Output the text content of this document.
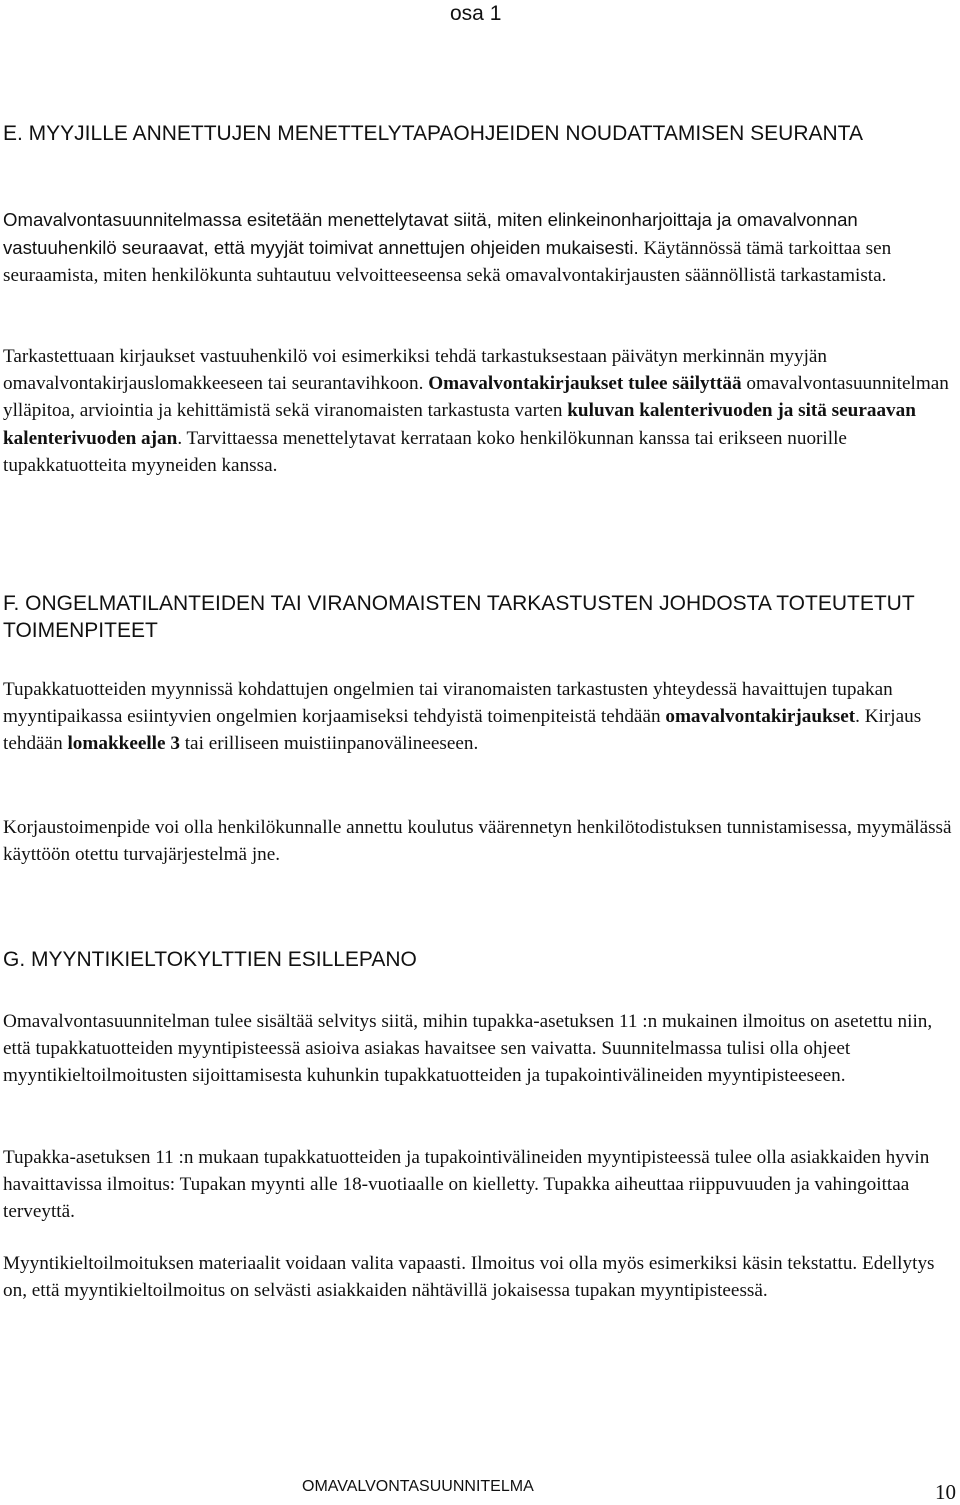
osa 1
E. MYYJILLE ANNETTUJEN MENETTELYTAPAOHJEIDEN NOUDATTAMISEN SEURANTA

Omavalvontasuunnitelmassa esitetään menettelytavat siitä, miten elinkeinonharjoittaja ja omavalvonnan vastuuhenkilö seuraavat, että myyjät toimivat annettujen ohjeiden mukaisesti. Käytännössä tämä tarkoittaa sen seuraamista, miten henkilökunta suhtautuu velvoitteeseensa sekä omavalvontakirjausten säännöllistä tarkastamista.

Tarkastettuaan kirjaukset vastuuhenkilö voi esimerkiksi tehdä tarkastuksestaan päivätyn merkinnän myyjän omavalvontakirjauslomakkeeseen tai seurantavihkoon. Omavalvontakirjaukset tulee säilyttää omavalvontasuunnitelman ylläpitoa, arviointia ja kehittämistä sekä viranomaisten tarkastusta varten kuluvan kalenterivuoden ja sitä seuraavan kalenterivuoden ajan. Tarvittaessa menettelytavat kerrataan koko henkilökunnan kanssa tai erikseen nuorille tupakkatuotteita myyneiden kanssa.

F. ONGELMATILANTEIDEN TAI VIRANOMAISTEN TARKASTUSTEN JOHDOSTA TOTEUTETUT TOIMENPITEET

Tupakkatuotteiden myynnissä kohdattujen ongelmien tai viranomaisten tarkastusten yhteydessä havaittujen tupakan myyntipaikassa esiintyvien ongelmien korjaamiseksi tehdyistä toimenpiteistä tehdään omavalvontakirjaukset. Kirjaus tehdään lomakkeelle 3 tai erilliseen muistiinpanovälineeseen.

Korjaustoimenpide voi olla henkilökunnalle annettu koulutus väärennetyn henkilötodistuksen tunnistamisessa, myymälässä käyttöön otettu turvajärjestelmä jne.

G. MYYNTIKIELTOKYLTTIEN ESILLEPANO

Omavalvontasuunnitelman tulee sisältää selvitys siitä, mihin tupakka-asetuksen 11 :n mukainen ilmoitus on asetettu niin, että tupakkatuotteiden myyntipisteessä asioiva asiakas havaitsee sen vaivatta. Suunnitelmassa tulisi olla ohjeet myyntikieltoilmoitusten sijoittamisesta kuhunkin tupakkatuotteiden ja tupakointivälineiden myyntipisteeseen.

Tupakka-asetuksen 11 :n mukaan tupakkatuotteiden ja tupakointivälineiden myyntipisteessä tulee olla asiakkaiden hyvin havaittavissa ilmoitus: Tupakan myynti alle 18-vuotiaalle on kielletty. Tupakka aiheuttaa riippuvuuden ja vahingoittaa terveyttä.

Myyntikieltoilmoituksen materiaalit voidaan valita vapaasti. Ilmoitus voi olla myös esimerkiksi käsin tekstattu. Edellytys on, että myyntikieltoilmoitus on selvästi asiakkaiden nähtävillä jokaisessa tupakan myyntipisteessä.

OMAVALVONTASUUNNITELMA	10
